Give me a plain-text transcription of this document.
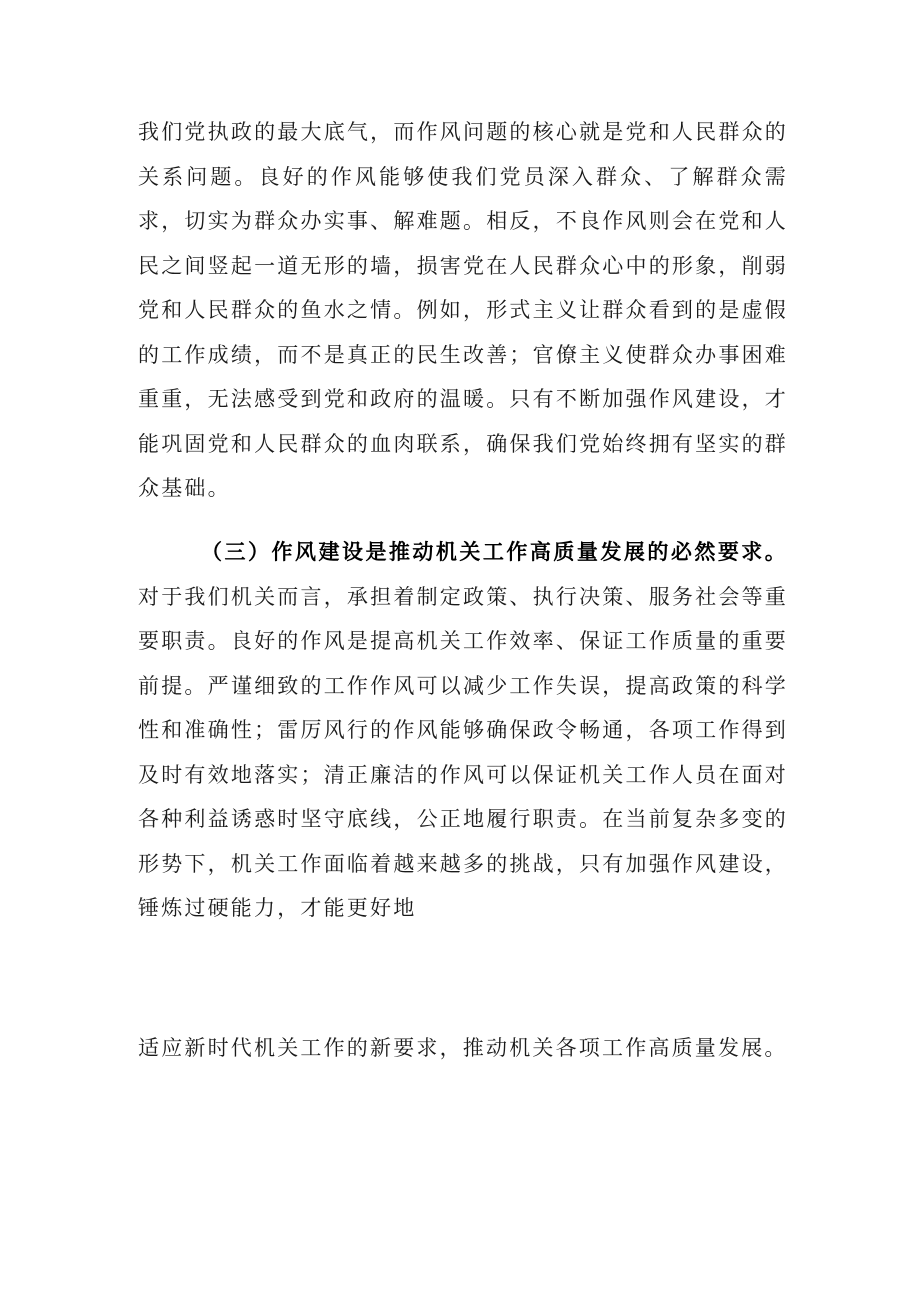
我们党执政的最大底气，而作风问题的核心就是党和人民群众的关系问题。良好的作风能够使我们党员深入群众、了解群众需求，切实为群众办实事、解难题。相反，不良作风则会在党和人民之间竖起一道无形的墙，损害党在人民群众心中的形象，削弱党和人民群众的鱼水之情。例如，形式主义让群众看到的是虚假的工作成绩，而不是真正的民生改善；官僚主义使群众办事困难重重，无法感受到党和政府的温暖。只有不断加强作风建设，才能巩固党和人民群众的血肉联系，确保我们党始终拥有坚实的群众基础。

（三）作风建设是推动机关工作高质量发展的必然要求。对于我们机关而言，承担着制定政策、执行决策、服务社会等重要职责。良好的作风是提高机关工作效率、保证工作质量的重要前提。严谨细致的工作作风可以减少工作失误，提高政策的科学性和准确性；雷厉风行的作风能够确保政令畅通，各项工作得到及时有效地落实；清正廉洁的作风可以保证机关工作人员在面对各种利益诱惑时坚守底线，公正地履行职责。在当前复杂多变的形势下，机关工作面临着越来越多的挑战，只有加强作风建设，锤炼过硬能力，才能更好地

适应新时代机关工作的新要求，推动机关各项工作高质量发展。
